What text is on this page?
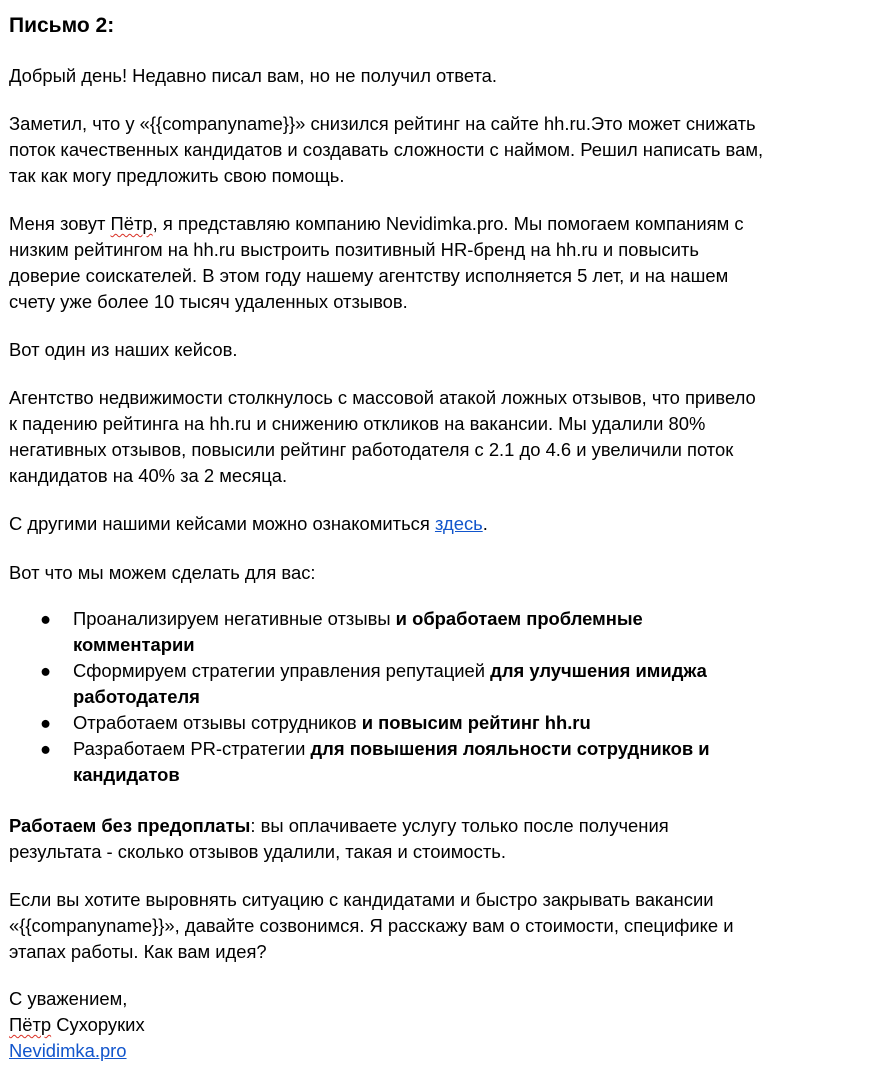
Письмо 2:

Добрый день! Недавно писал вам, но не получил ответа.

Заметил, что у «{{companyname}}» снизился рейтинг на сайте hh.ru.Это может снижать
поток качественных кандидатов и создавать сложности с наймом. Решил написать вам,
так как могу предложить свою помощь.

Меня зовут Пётр, я представляю компанию Nevidimka.pro. Мы помогаем компаниям с
низким рейтингом на hh.ru выстроить позитивный HR-бренд на hh.ru и повысить
доверие соискателей. В этом году нашему агентству исполняется 5 лет, и на нашем
счету уже более 10 тысяч удаленных отзывов.

Вот один из наших кейсов.

Агентство недвижимости столкнулось с массовой атакой ложных отзывов, что привело
к падению рейтинга на hh.ru и снижению откликов на вакансии. Мы удалили 80%
негативных отзывов, повысили рейтинг работодателя с 2.1 до 4.6 и увеличили поток
кандидатов на 40% за 2 месяца.

С другими нашими кейсами можно ознакомиться здесь.

Вот что мы можем сделать для вас:

● Проанализируем негативные отзывы и обработаем проблемные
комментарии
● Сформируем стратегии управления репутацией для улучшения имиджа
работодателя
● Отработаем отзывы сотрудников и повысим рейтинг hh.ru
● Разработаем PR-стратегии для повышения лояльности сотрудников и
кандидатов

Работаем без предоплаты: вы оплачиваете услугу только после получения
результата - сколько отзывов удалили, такая и стоимость.

Если вы хотите выровнять ситуацию с кандидатами и быстро закрывать вакансии
«{{companyname}}», давайте созвонимся. Я расскажу вам о стоимости, специфике и
этапах работы. Как вам идея?

С уважением,
Пётр Сухоруких
Nevidimka.pro
